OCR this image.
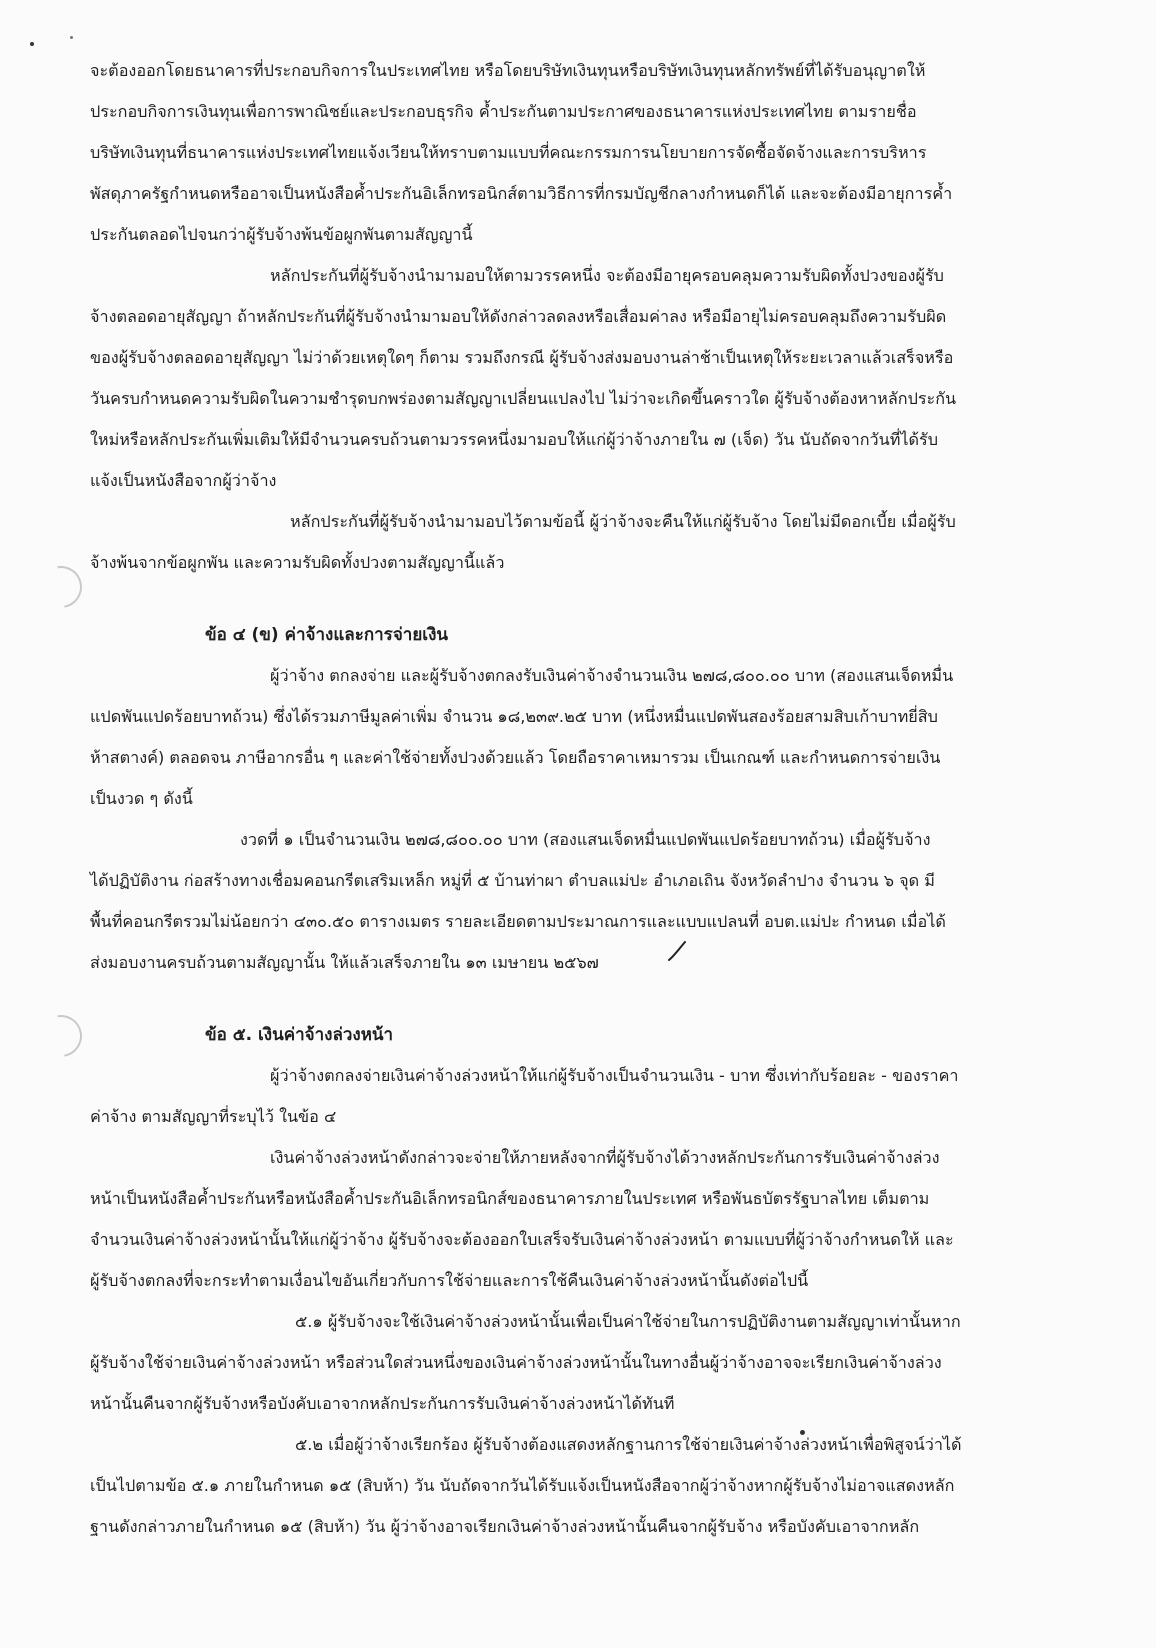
จะต้องออกโดยธนาคารที่ประกอบกิจการในประเทศไทย หรือโดยบริษัทเงินทุนหรือบริษัทเงินทุนหลักทรัพย์ที่ได้รับอนุญาตให้
ประกอบกิจการเงินทุนเพื่อการพาณิชย์และประกอบธุรกิจ ค้ำประกันตามประกาศของธนาคารแห่งประเทศไทย ตามรายชื่อ
บริษัทเงินทุนที่ธนาคารแห่งประเทศไทยแจ้งเวียนให้ทราบตามแบบที่คณะกรรมการนโยบายการจัดซื้อจัดจ้างและการบริหาร
พัสดุภาครัฐกำหนดหรืออาจเป็นหนังสือค้ำประกันอิเล็กทรอนิกส์ตามวิธีการที่กรมบัญชีกลางกำหนดก็ได้ และจะต้องมีอายุการค้ำ
ประกันตลอดไปจนกว่าผู้รับจ้างพ้นข้อผูกพันตามสัญญานี้
หลักประกันที่ผู้รับจ้างนำมามอบให้ตามวรรคหนึ่ง จะต้องมีอายุครอบคลุมความรับผิดทั้งปวงของผู้รับ
จ้างตลอดอายุสัญญา ถ้าหลักประกันที่ผู้รับจ้างนำมามอบให้ดังกล่าวลดลงหรือเสื่อมค่าลง หรือมีอายุไม่ครอบคลุมถึงความรับผิด
ของผู้รับจ้างตลอดอายุสัญญา ไม่ว่าด้วยเหตุใดๆ ก็ตาม รวมถึงกรณี ผู้รับจ้างส่งมอบงานล่าช้าเป็นเหตุให้ระยะเวลาแล้วเสร็จหรือ
วันครบกำหนดความรับผิดในความชำรุดบกพร่องตามสัญญาเปลี่ยนแปลงไป ไม่ว่าจะเกิดขึ้นคราวใด ผู้รับจ้างต้องหาหลักประกัน
ใหม่หรือหลักประกันเพิ่มเติมให้มีจำนวนครบถ้วนตามวรรคหนึ่งมามอบให้แก่ผู้ว่าจ้างภายใน ๗ (เจ็ด) วัน นับถัดจากวันที่ได้รับ
แจ้งเป็นหนังสือจากผู้ว่าจ้าง
หลักประกันที่ผู้รับจ้างนำมามอบไว้ตามข้อนี้ ผู้ว่าจ้างจะคืนให้แก่ผู้รับจ้าง โดยไม่มีดอกเบี้ย เมื่อผู้รับ
จ้างพ้นจากข้อผูกพัน และความรับผิดทั้งปวงตามสัญญานี้แล้ว
ข้อ ๔ (ข) ค่าจ้างและการจ่ายเงิน
ผู้ว่าจ้าง ตกลงจ่าย และผู้รับจ้างตกลงรับเงินค่าจ้างจำนวนเงิน ๒๗๘,๘๐๐.๐๐ บาท (สองแสนเจ็ดหมื่น
แปดพันแปดร้อยบาทถ้วน) ซึ่งได้รวมภาษีมูลค่าเพิ่ม จำนวน ๑๘,๒๓๙.๒๕ บาท (หนึ่งหมื่นแปดพันสองร้อยสามสิบเก้าบาทยี่สิบ
ห้าสตางค์) ตลอดจน ภาษีอากรอื่น ๆ และค่าใช้จ่ายทั้งปวงด้วยแล้ว โดยถือราคาเหมารวม เป็นเกณฑ์ และกำหนดการจ่ายเงิน
เป็นงวด ๆ ดังนี้
งวดที่ ๑ เป็นจำนวนเงิน ๒๗๘,๘๐๐.๐๐ บาท (สองแสนเจ็ดหมื่นแปดพันแปดร้อยบาทถ้วน) เมื่อผู้รับจ้าง
ได้ปฏิบัติงาน ก่อสร้างทางเชื่อมคอนกรีตเสริมเหล็ก หมู่ที่ ๕ บ้านท่าผา ตำบลแม่ปะ อำเภอเถิน จังหวัดลำปาง จำนวน ๖ จุด มี
พื้นที่คอนกรีตรวมไม่น้อยกว่า ๔๓๐.๕๐ ตารางเมตร รายละเอียดตามประมาณการและแบบแปลนที่ อบต.แม่ปะ กำหนด เมื่อได้
ส่งมอบงานครบถ้วนตามสัญญานั้น ให้แล้วเสร็จภายใน ๑๓ เมษายน ๒๕๖๗
ข้อ ๕. เงินค่าจ้างล่วงหน้า
ผู้ว่าจ้างตกลงจ่ายเงินค่าจ้างล่วงหน้าให้แก่ผู้รับจ้างเป็นจำนวนเงิน - บาท ซึ่งเท่ากับร้อยละ - ของราคา
ค่าจ้าง ตามสัญญาที่ระบุไว้ ในข้อ ๔
เงินค่าจ้างล่วงหน้าดังกล่าวจะจ่ายให้ภายหลังจากที่ผู้รับจ้างได้วางหลักประกันการรับเงินค่าจ้างล่วง
หน้าเป็นหนังสือค้ำประกันหรือหนังสือค้ำประกันอิเล็กทรอนิกส์ของธนาคารภายในประเทศ หรือพันธบัตรรัฐบาลไทย เต็มตาม
จำนวนเงินค่าจ้างล่วงหน้านั้นให้แก่ผู้ว่าจ้าง ผู้รับจ้างจะต้องออกใบเสร็จรับเงินค่าจ้างล่วงหน้า ตามแบบที่ผู้ว่าจ้างกำหนดให้ และ
ผู้รับจ้างตกลงที่จะกระทำตามเงื่อนไขอันเกี่ยวกับการใช้จ่ายและการใช้คืนเงินค่าจ้างล่วงหน้านั้นดังต่อไปนี้
๕.๑ ผู้รับจ้างจะใช้เงินค่าจ้างล่วงหน้านั้นเพื่อเป็นค่าใช้จ่ายในการปฏิบัติงานตามสัญญาเท่านั้นหาก
ผู้รับจ้างใช้จ่ายเงินค่าจ้างล่วงหน้า หรือส่วนใดส่วนหนึ่งของเงินค่าจ้างล่วงหน้านั้นในทางอื่นผู้ว่าจ้างอาจจะเรียกเงินค่าจ้างล่วง
หน้านั้นคืนจากผู้รับจ้างหรือบังคับเอาจากหลักประกันการรับเงินค่าจ้างล่วงหน้าได้ทันที
๕.๒ เมื่อผู้ว่าจ้างเรียกร้อง ผู้รับจ้างต้องแสดงหลักฐานการใช้จ่ายเงินค่าจ้างล่วงหน้าเพื่อพิสูจน์ว่าได้
เป็นไปตามข้อ ๕.๑ ภายในกำหนด ๑๕ (สิบห้า) วัน นับถัดจากวันได้รับแจ้งเป็นหนังสือจากผู้ว่าจ้างหากผู้รับจ้างไม่อาจแสดงหลัก
ฐานดังกล่าวภายในกำหนด ๑๕ (สิบห้า) วัน ผู้ว่าจ้างอาจเรียกเงินค่าจ้างล่วงหน้านั้นคืนจากผู้รับจ้าง หรือบังคับเอาจากหลัก
